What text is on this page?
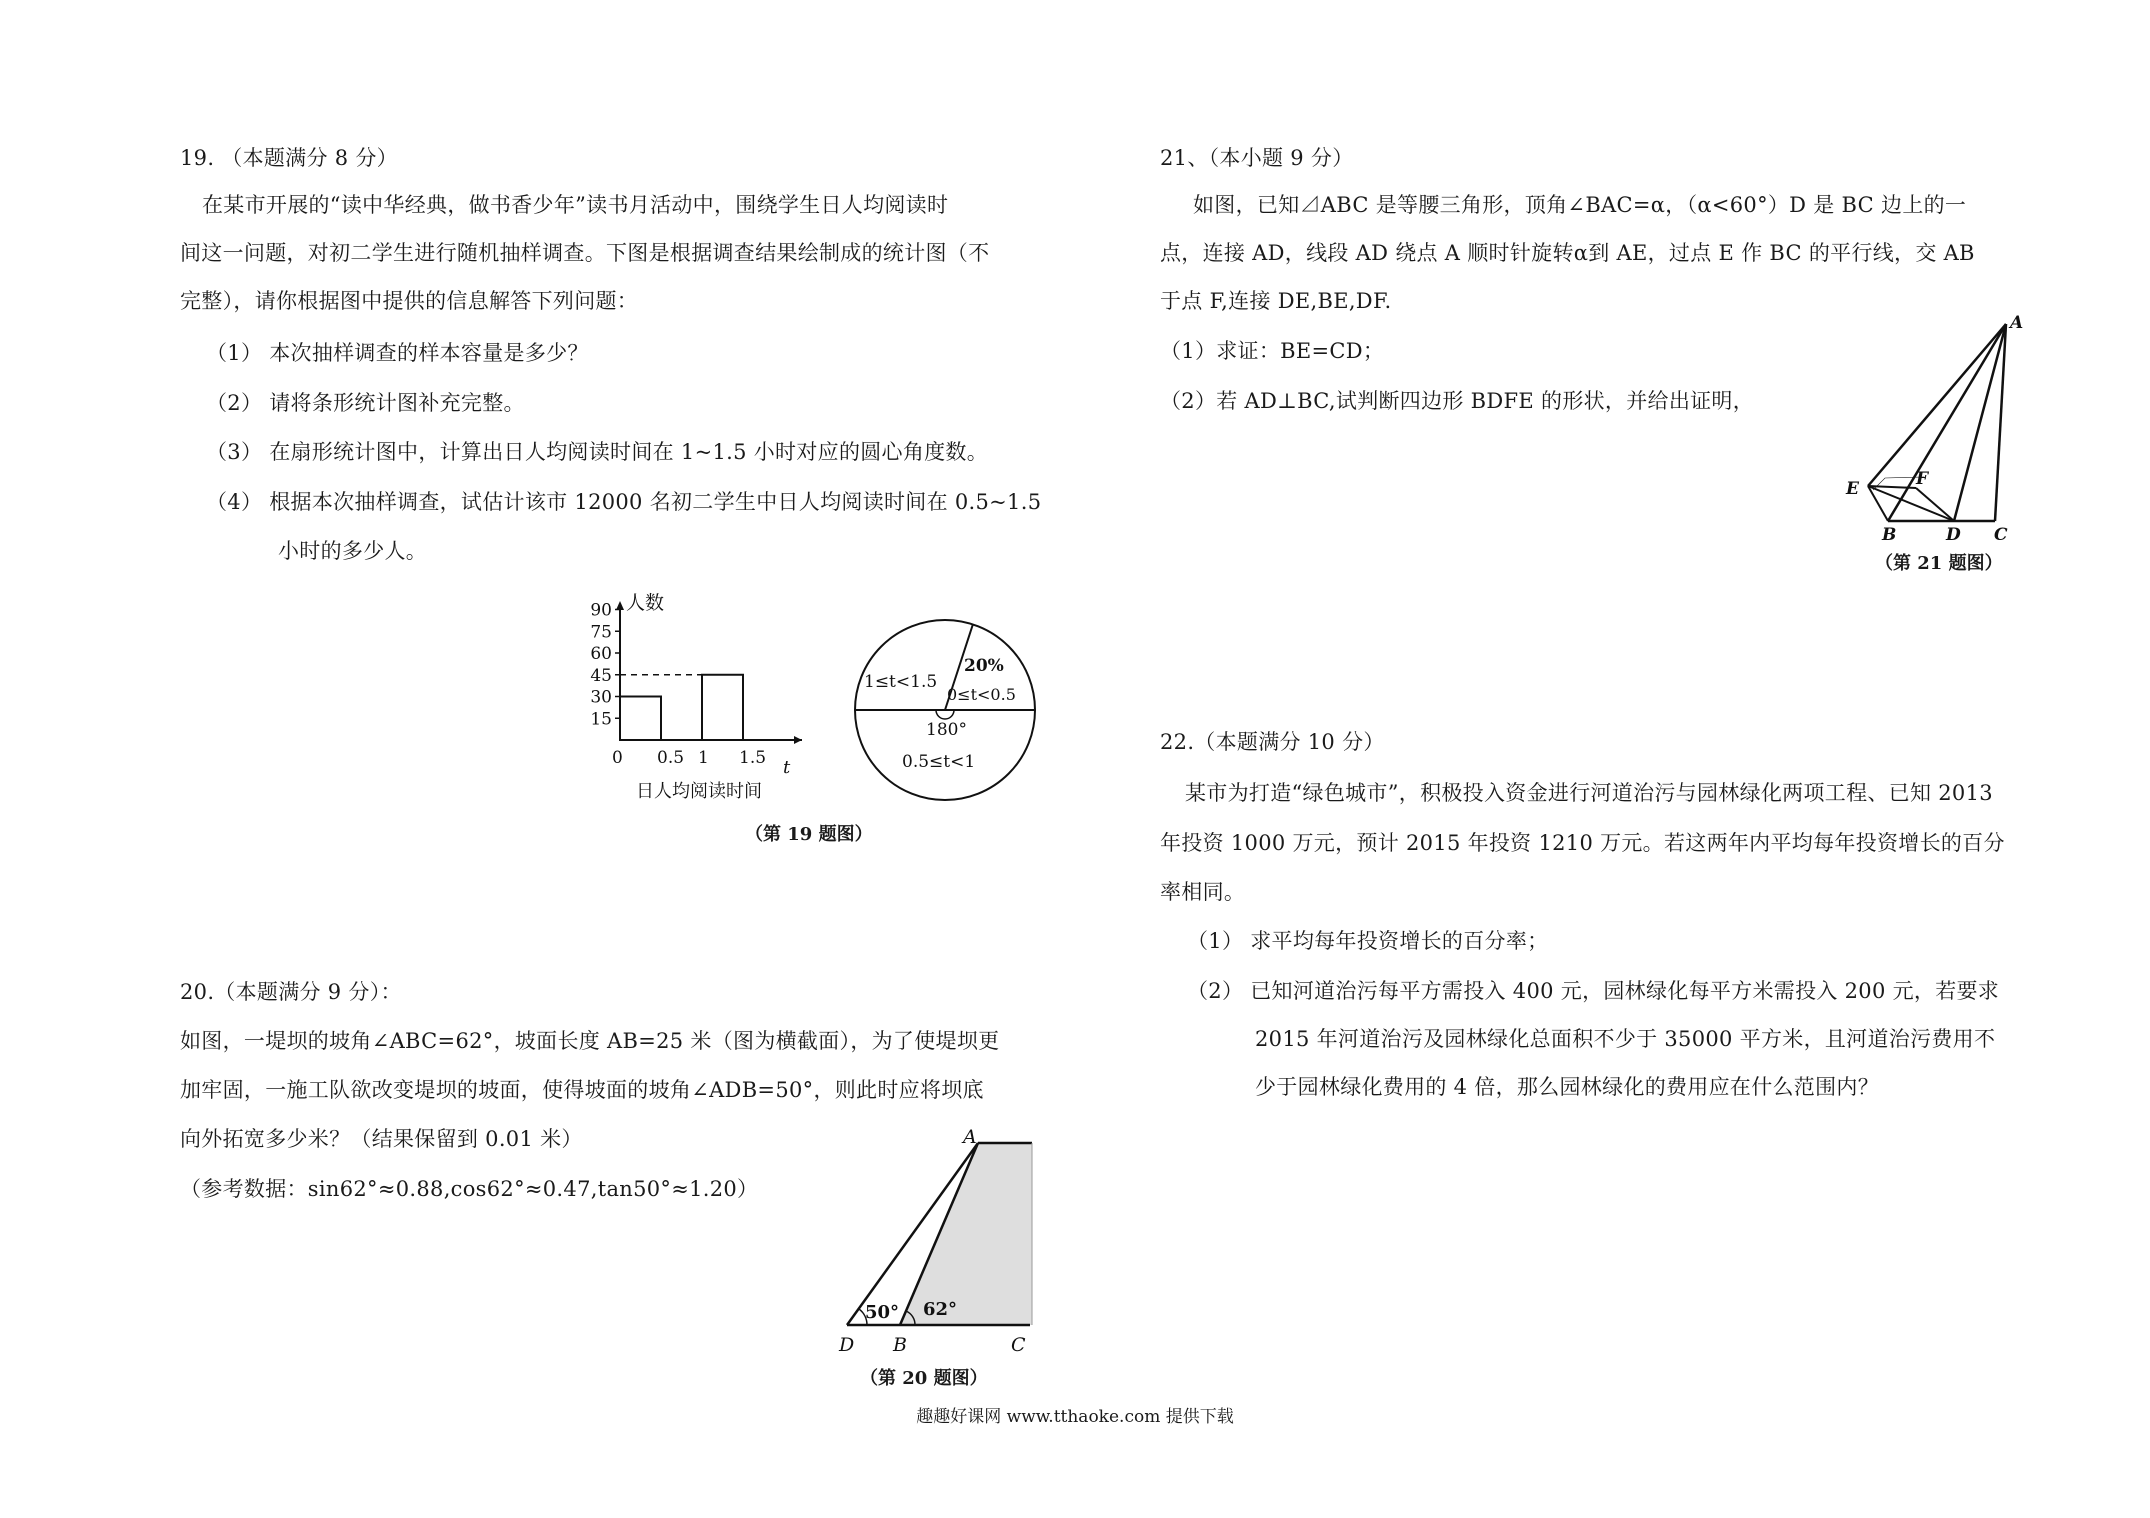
19. （本题满分 8 分）
在某市开展的“读中华经典，做书香少年”读书月活动中，围绕学生日人均阅读时
间这一问题，对初二学生进行随机抽样调查。下图是根据调查结果绘制成的统计图（不
完整），请你根据图中提供的信息解答下列问题：
（1） 本次抽样调查的样本容量是多少？
（2） 请将条形统计图补充完整。
（3） 在扇形统计图中，计算出日人均阅读时间在 1~1.5 小时对应的圆心角度数。
（4） 根据本次抽样调查，试估计该市 12000 名初二学生中日人均阅读时间在 0.5~1.5
小时的多少人。
人数
t
日人均阅读时间
15
30
45
60
75
90
0 0.5 1 1.5
1≤t<1.5
20%
0≤t<0.5
180°
0.5≤t<1
（第 19 题图）
20.（本题满分 9 分）：
如图，一堤坝的坡角∠ABC=62°，坡面长度 AB=25 米（图为横截面），为了使堤坝更
加牢固，一施工队欲改变堤坝的坡面，使得坡面的坡角∠ADB=50°，则此时应将坝底
向外拓宽多少米？（结果保留到 0.01 米）
（参考数据：sin62°≈0.88,cos62°≈0.47,tan50°≈1.20）
50° 62°
A
D B	C
（第 20 题图）
21、（本小题 9 分）
如图，已知⊿ABC 是等腰三角形，顶角∠BAC=α，（α<60°）D 是 BC 边上的一
点，连接 AD，线段 AD 绕点 A 顺时针旋转α到 AE，过点 E 作 BC 的平行线，交 AB
于点 F,连接 DE,BE,DF.
（1）求证：BE=CD；
（2）若 AD⊥BC,试判断四边形 BDFE 的形状，并给出证明，
A
E	F
B	D C
（第 21 题图）
22.（本题满分 10 分）
某市为打造“绿色城市”，积极投入资金进行河道治污与园林绿化两项工程、已知 2013
年投资 1000 万元，预计 2015 年投资 1210 万元。若这两年内平均每年投资增长的百分
率相同。
（1） 求平均每年投资增长的百分率；
（2） 已知河道治污每平方需投入 400 元，园林绿化每平方米需投入 200 元，若要求
2015 年河道治污及园林绿化总面积不少于 35000 平方米，且河道治污费用不
少于园林绿化费用的 4 倍，那么园林绿化的费用应在什么范围内？
趣趣好课网 www.tthaoke.com 提供下载
